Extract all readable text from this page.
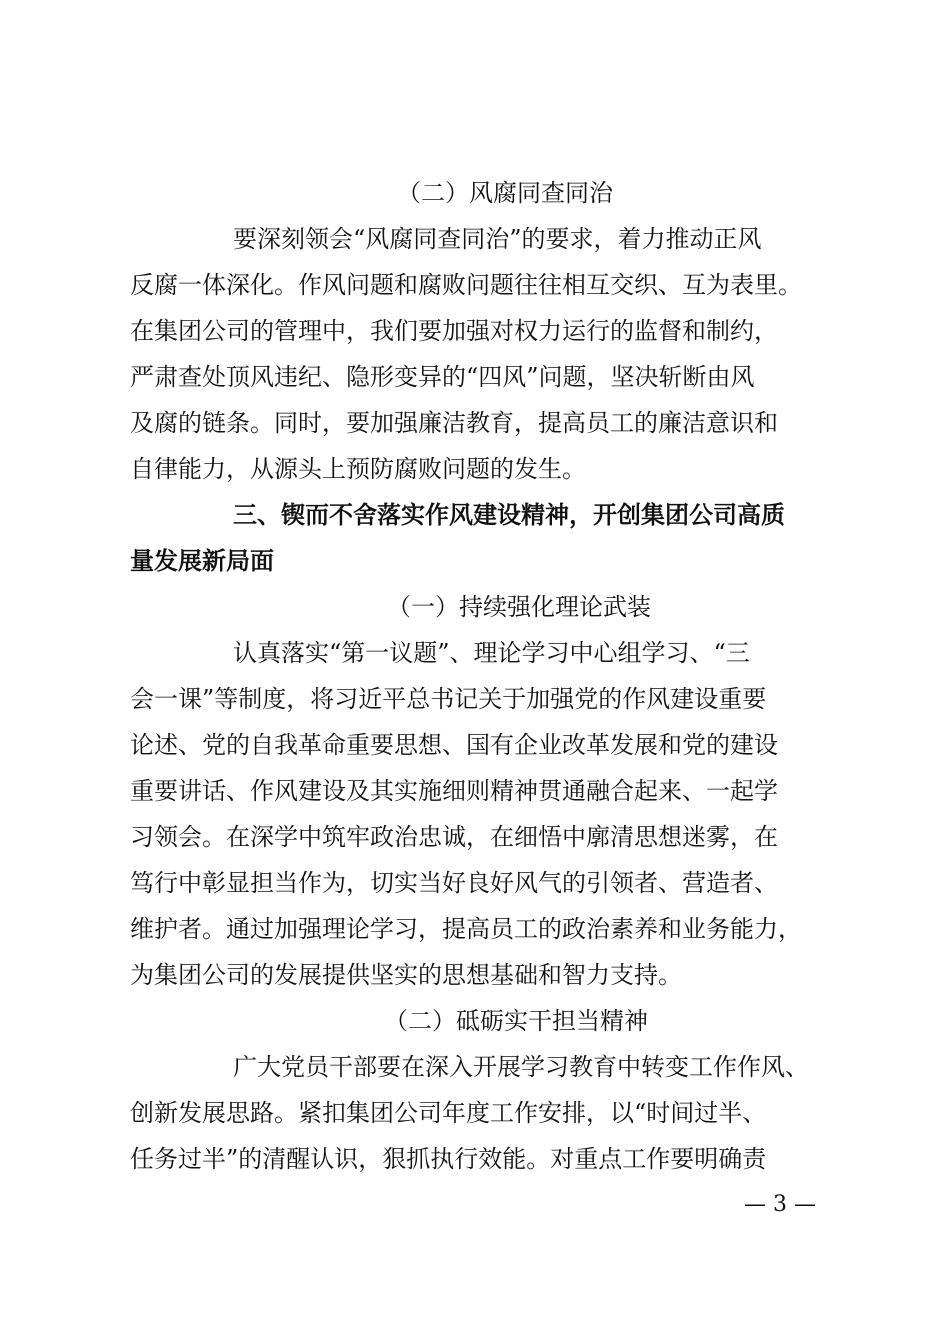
（二）风腐同查同治
要深刻领会“风腐同查同治”的要求，着力推动正风
反腐一体深化。作风问题和腐败问题往往相互交织、互为表里。
在集团公司的管理中，我们要加强对权力运行的监督和制约，
严肃查处顶风违纪、隐形变异的“四风”问题，坚决斩断由风
及腐的链条。同时，要加强廉洁教育，提高员工的廉洁意识和
自律能力，从源头上预防腐败问题的发生。
三、锲而不舍落实作风建设精神，开创集团公司高质
量发展新局面
（一）持续强化理论武装
认真落实“第一议题”、理论学习中心组学习、“三
会一课”等制度，将习近平总书记关于加强党的作风建设重要
论述、党的自我革命重要思想、国有企业改革发展和党的建设
重要讲话、作风建设及其实施细则精神贯通融合起来、一起学
习领会。在深学中筑牢政治忠诚，在细悟中廓清思想迷雾，在
笃行中彰显担当作为，切实当好良好风气的引领者、营造者、
维护者。通过加强理论学习，提高员工的政治素养和业务能力，
为集团公司的发展提供坚实的思想基础和智力支持。
（二）砥砺实干担当精神
广大党员干部要在深入开展学习教育中转变工作作风、
创新发展思路。紧扣集团公司年度工作安排，以“时间过半、
任务过半”的清醒认识，狠抓执行效能。对重点工作要明确责
— 3 —
